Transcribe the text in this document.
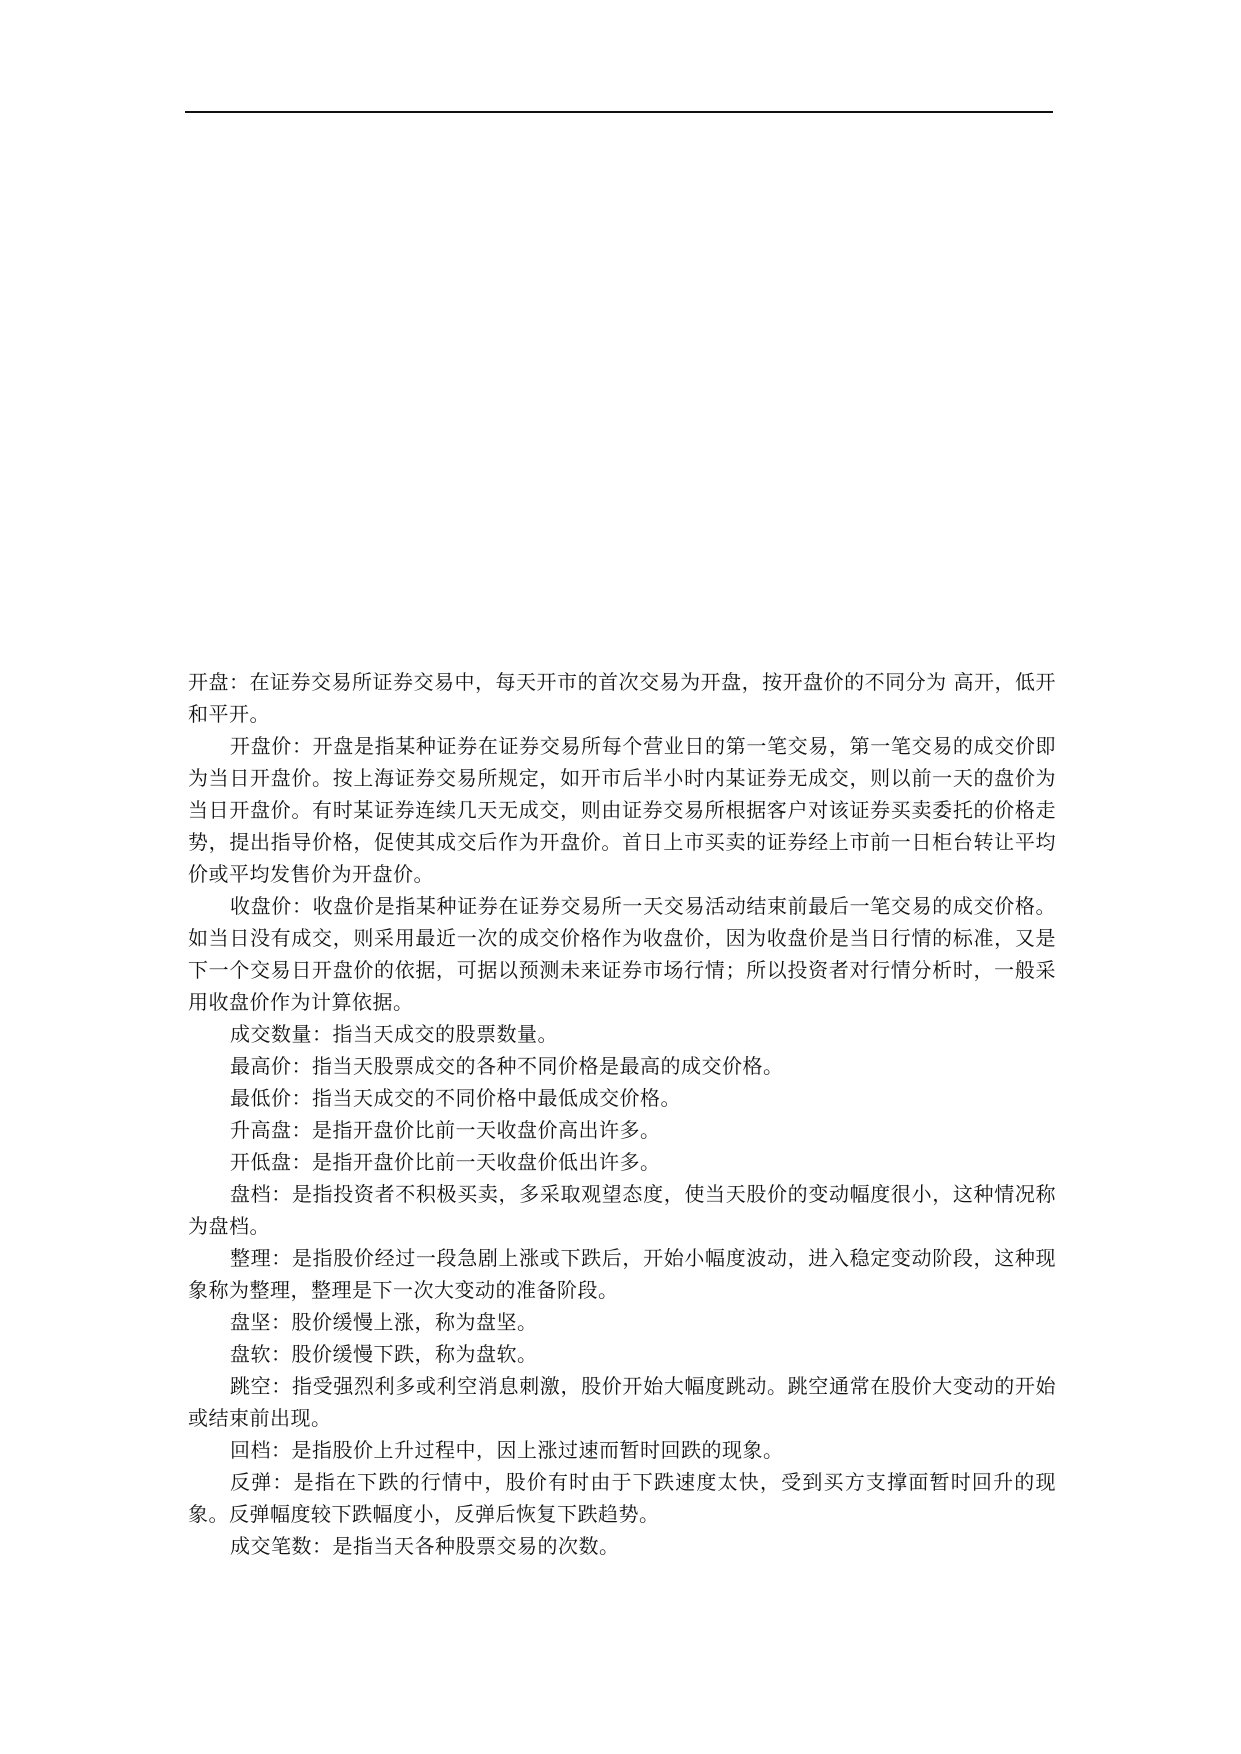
开盘：在证券交易所证券交易中，每天开市的首次交易为开盘，按开盘价的不同分为 高开，低开和平开。

开盘价：开盘是指某种证券在证券交易所每个营业日的第一笔交易，第一笔交易的成交价即为当日开盘价。按上海证券交易所规定，如开市后半小时内某证券无成交，则以前一天的盘价为当日开盘价。有时某证券连续几天无成交，则由证券交易所根据客户对该证券买卖委托的价格走势，提出指导价格，促使其成交后作为开盘价。首日上市买卖的证券经上市前一日柜台转让平均价或平均发售价为开盘价。

收盘价：收盘价是指某种证券在证券交易所一天交易活动结束前最后一笔交易的成交价格。如当日没有成交，则采用最近一次的成交价格作为收盘价，因为收盘价是当日行情的标准，又是下一个交易日开盘价的依据，可据以预测未来证券市场行情；所以投资者对行情分析时，一般采用收盘价作为计算依据。

成交数量：指当天成交的股票数量。

最高价：指当天股票成交的各种不同价格是最高的成交价格。

最低价：指当天成交的不同价格中最低成交价格。

升高盘：是指开盘价比前一天收盘价高出许多。

开低盘：是指开盘价比前一天收盘价低出许多。

盘档：是指投资者不积极买卖，多采取观望态度，使当天股价的变动幅度很小，这种情况称为盘档。

整理：是指股价经过一段急剧上涨或下跌后，开始小幅度波动，进入稳定变动阶段，这种现象称为整理，整理是下一次大变动的准备阶段。

盘坚：股价缓慢上涨，称为盘坚。

盘软：股价缓慢下跌，称为盘软。

跳空：指受强烈利多或利空消息刺激，股价开始大幅度跳动。跳空通常在股价大变动的开始或结束前出现。

回档：是指股价上升过程中，因上涨过速而暂时回跌的现象。

反弹：是指在下跌的行情中，股价有时由于下跌速度太快，受到买方支撑面暂时回升的现象。反弹幅度较下跌幅度小，反弹后恢复下跌趋势。

成交笔数：是指当天各种股票交易的次数。
